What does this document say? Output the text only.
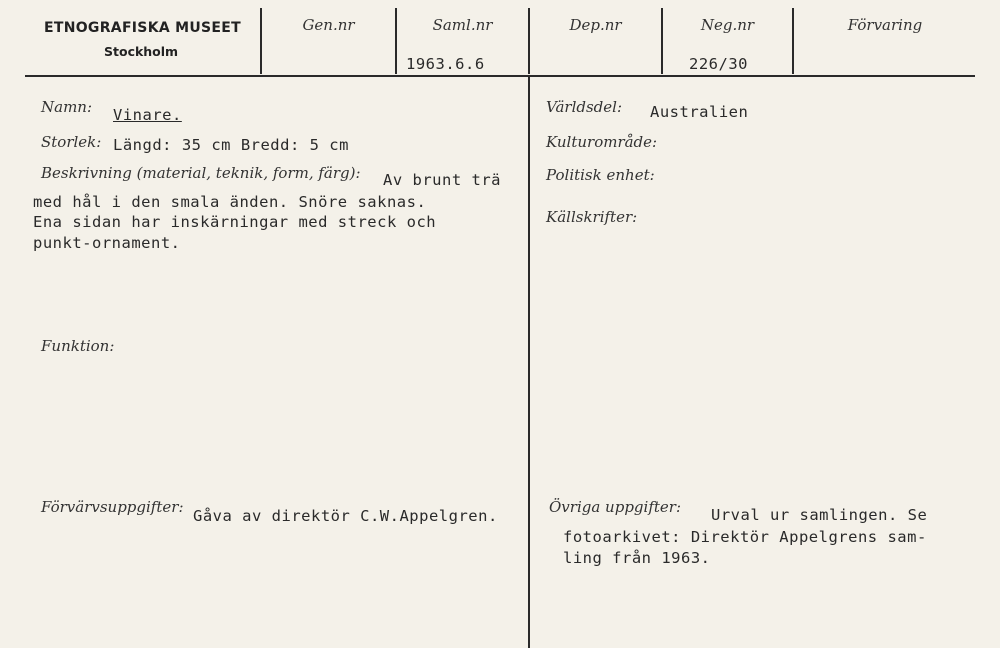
ETNOGRAFISKA MUSEET
Stockholm
Gen.nr	Saml.nr
1963.6.6
Dep.nr	Neg.nr
226/30
Förvaring
Namn: Vinare.
Storlek: Längd: 35 cm Bredd: 5 cm
Beskrivning (material, teknik, form, färg): Av brunt trä
med hål i den smala änden. Snöre saknas.
Ena sidan har inskärningar med streck och
punkt-ornament.
Funktion:
Förvärvsuppgifter: Gåva av direktör C.W.Appelgren.
Världsdel: Australien
Kulturområde:
Politisk enhet:
Källskrifter:
Övriga uppgifter: Urval ur samlingen. Se
fotoarkivet: Direktör Appelgrens sam-
ling från 1963.
